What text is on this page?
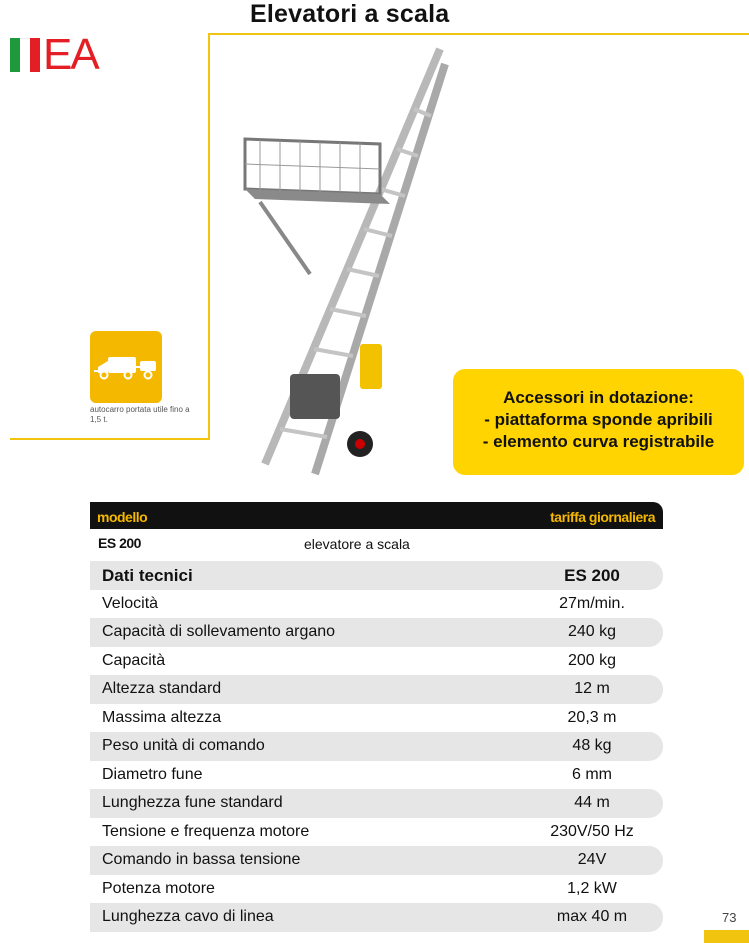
Elevatori a scala
EA
autocarro portata utile fino a 1,5 t.
Accessori in dotazione:
- piattaforma sponde apribili
- elemento curva registrabile
modello	tariffa giornaliera
ES 200	elevatore a scala
Dati tecnici	ES 200
Velocità	27m/min.
Capacità di sollevamento argano	240 kg
Capacità	200 kg
Altezza standard	12 m
Massima altezza	20,3 m
Peso unità di comando	48 kg
Diametro fune	6 mm
Lunghezza fune standard	44 m
Tensione e frequenza motore	230V/50 Hz
Comando in bassa tensione	24V
Potenza motore	1,2 kW
Lunghezza cavo di linea	max 40 m	73
